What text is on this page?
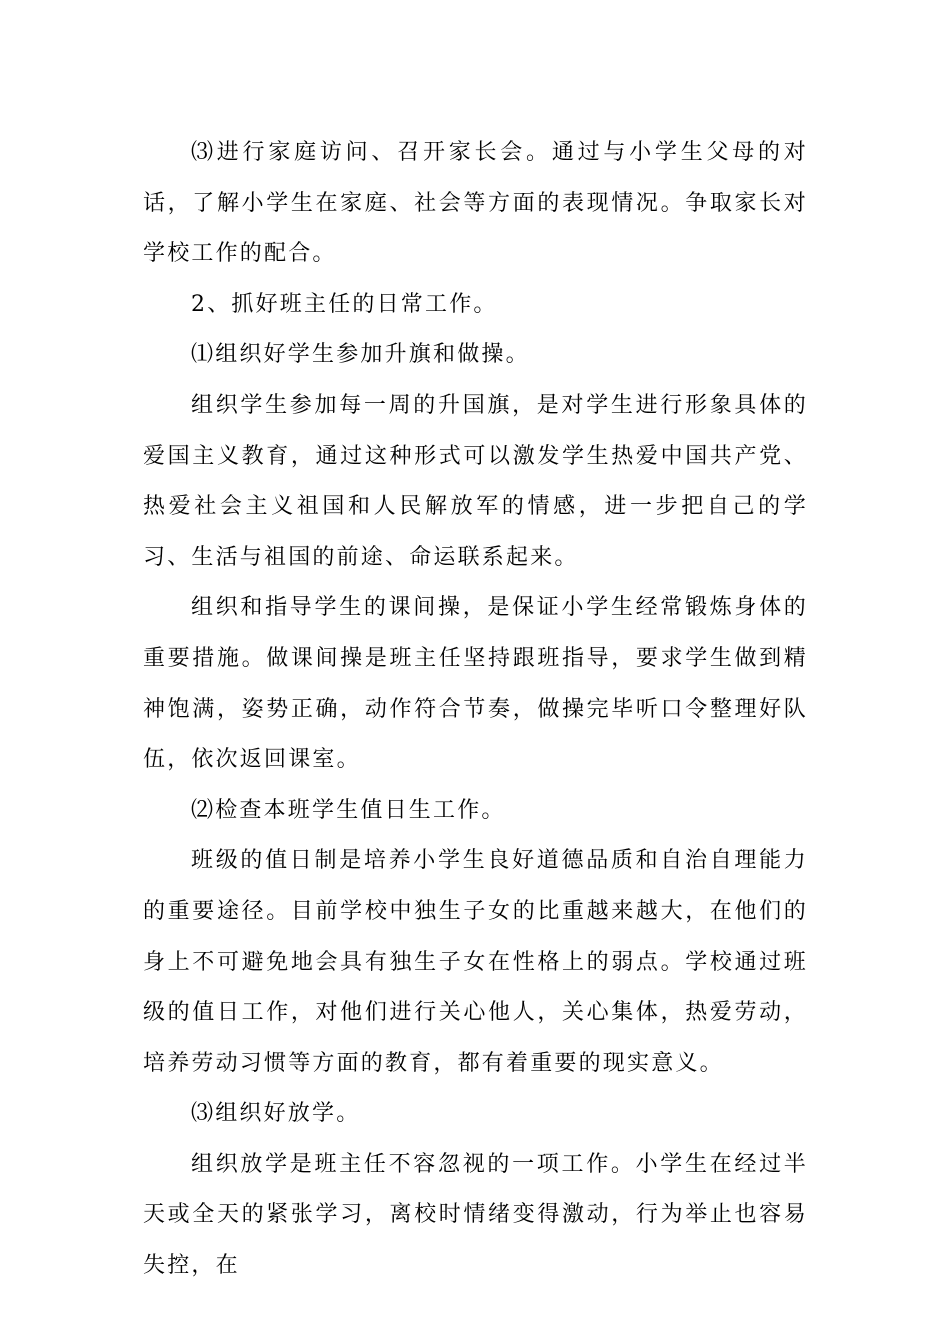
⑶进行家庭访问、召开家长会。通过与小学生父母的对话，了解小学生在家庭、社会等方面的表现情况。争取家长对学校工作的配合。

2、抓好班主任的日常工作。

⑴组织好学生参加升旗和做操。

组织学生参加每一周的升国旗，是对学生进行形象具体的爱国主义教育，通过这种形式可以激发学生热爱中国共产党、热爱社会主义祖国和人民解放军的情感，进一步把自己的学习、生活与祖国的前途、命运联系起来。

组织和指导学生的课间操，是保证小学生经常锻炼身体的重要措施。做课间操是班主任坚持跟班指导，要求学生做到精神饱满，姿势正确，动作符合节奏，做操完毕听口令整理好队伍，依次返回课室。

⑵检查本班学生值日生工作。

班级的值日制是培养小学生良好道德品质和自治自理能力的重要途径。目前学校中独生子女的比重越来越大，在他们的身上不可避免地会具有独生子女在性格上的弱点。学校通过班级的值日工作，对他们进行关心他人，关心集体，热爱劳动，培养劳动习惯等方面的教育，都有着重要的现实意义。

⑶组织好放学。

组织放学是班主任不容忽视的一项工作。小学生在经过半天或全天的紧张学习，离校时情绪变得激动，行为举止也容易失控，在
